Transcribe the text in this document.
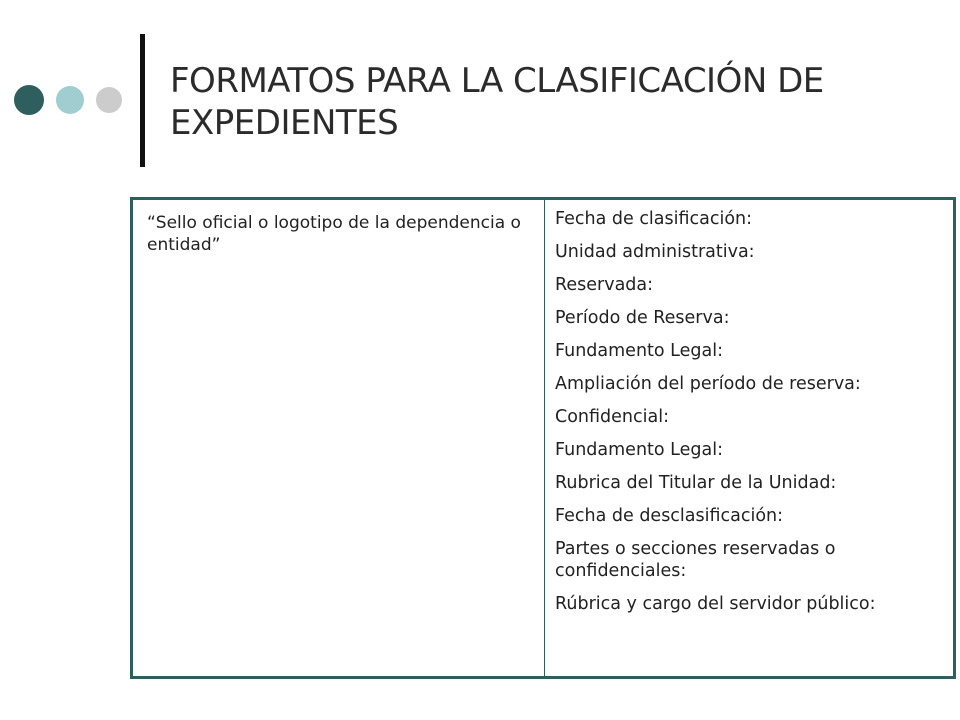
FORMATOS PARA LA CLASIFICACIÓN DE EXPEDIENTES
“Sello oficial o logotipo de la dependencia o entidad”
Fecha de clasificación:
Unidad administrativa:
Reservada:
Período de Reserva:
Fundamento Legal:
Ampliación del período de reserva:
Confidencial:
Fundamento Legal:
Rubrica del Titular de la Unidad:
Fecha de desclasificación:
Partes o secciones reservadas o confidenciales:
Rúbrica y cargo del servidor público:
